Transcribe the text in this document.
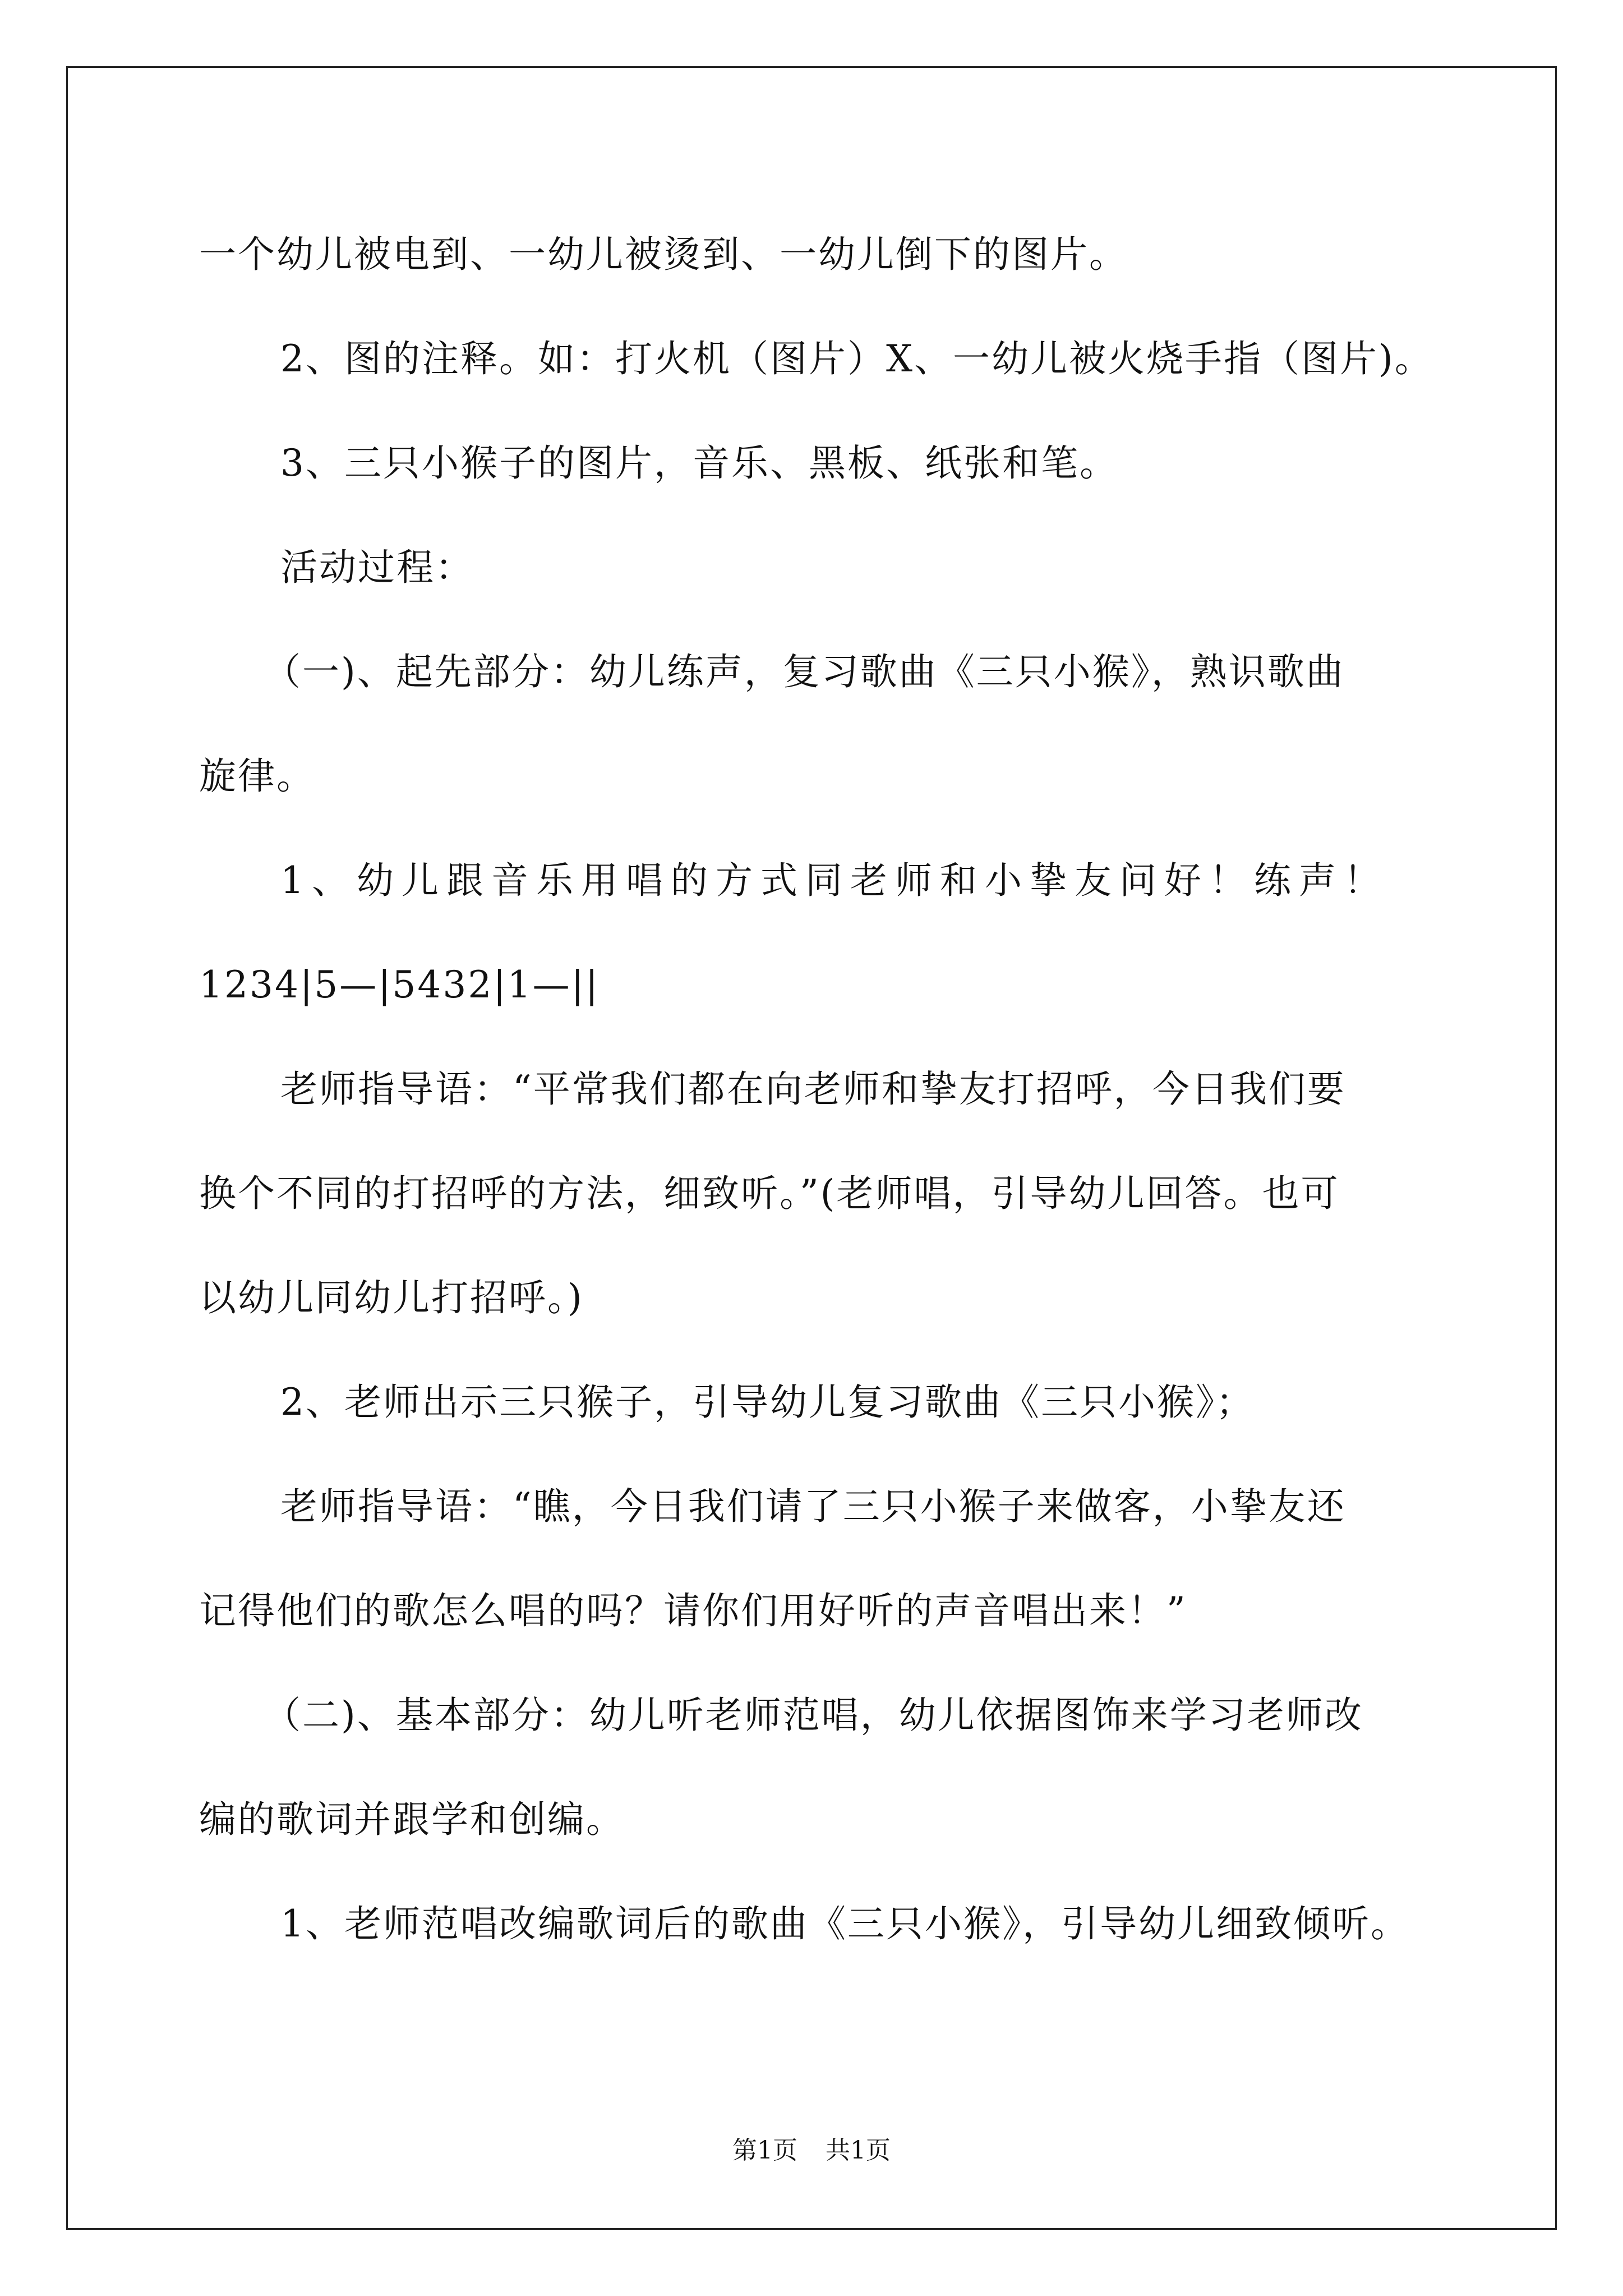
一个幼儿被电到、一幼儿被烫到、一幼儿倒下的图片。
2、图的注释。如：打火机（图片）X、一幼儿被火烧手指（图片)。
3、三只小猴子的图片，音乐、黑板、纸张和笔。
活动过程：
（一)、起先部分：幼儿练声，复习歌曲《三只小猴》，熟识歌曲
旋律。
1、幼儿跟音乐用唱的方式同老师和小挚友问好！练声！
1234|5—|5432|1—||
老师指导语：“平常我们都在向老师和挚友打招呼，今日我们要
换个不同的打招呼的方法，细致听。”(老师唱，引导幼儿回答。也可
以幼儿同幼儿打招呼。)
2、老师出示三只猴子，引导幼儿复习歌曲《三只小猴》；
老师指导语：“瞧，今日我们请了三只小猴子来做客，小挚友还
记得他们的歌怎么唱的吗？请你们用好听的声音唱出来！”
（二)、基本部分：幼儿听老师范唱，幼儿依据图饰来学习老师改
编的歌词并跟学和创编。
1、老师范唱改编歌词后的歌曲《三只小猴》，引导幼儿细致倾听。
第1页 共1页
